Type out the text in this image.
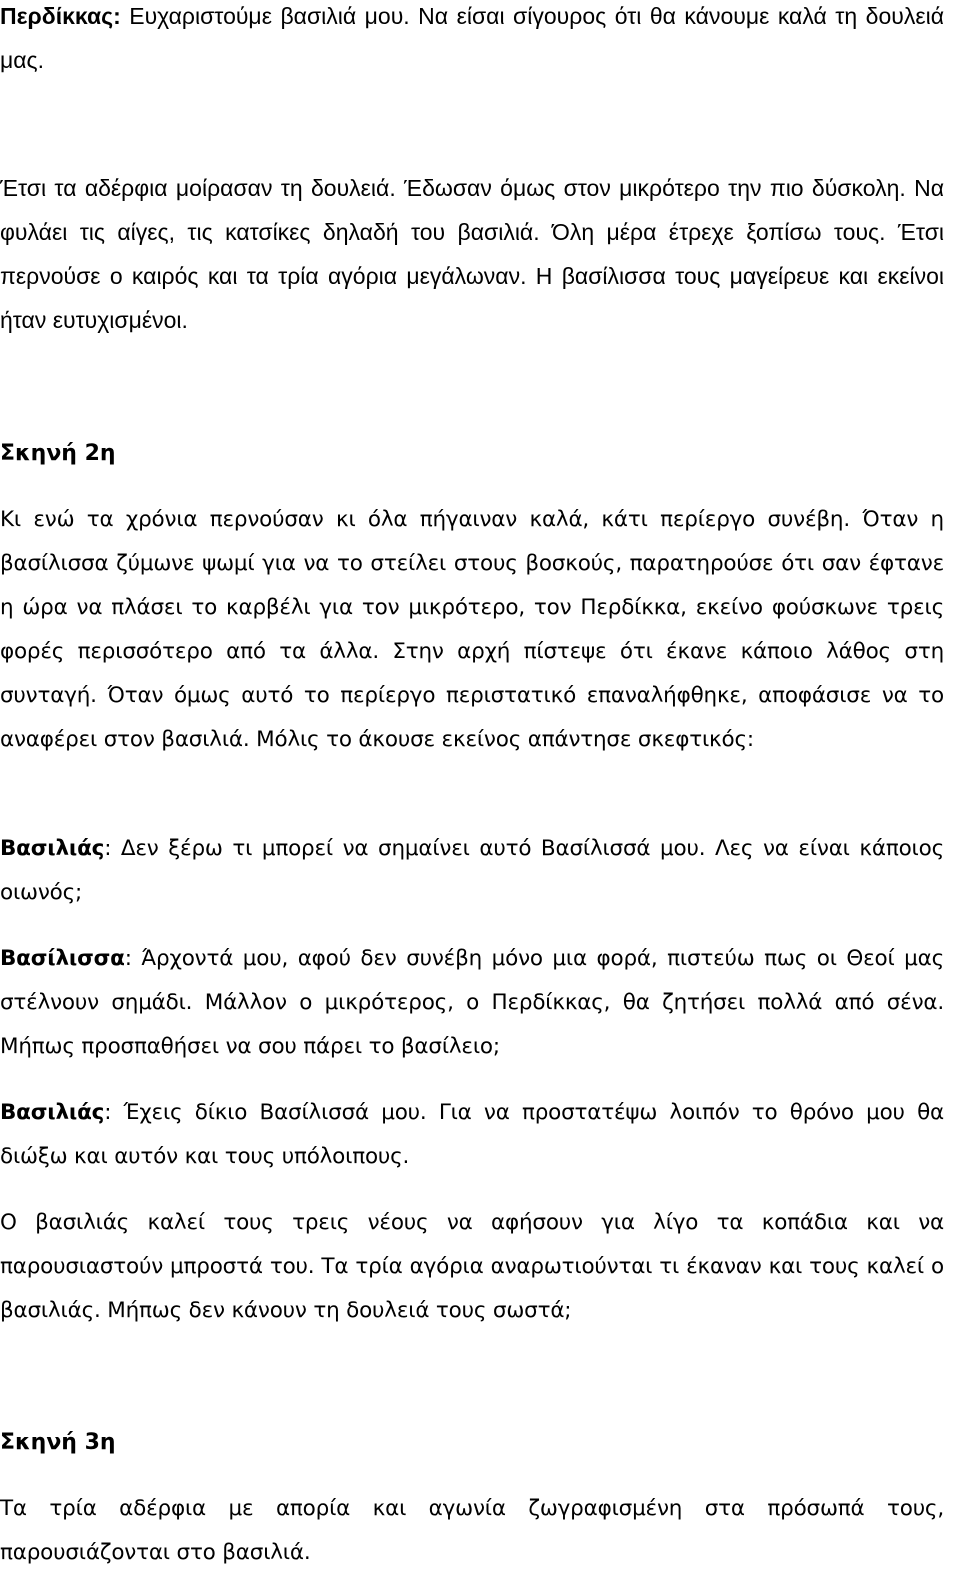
Περδίκκας: Ευχαριστούμε βασιλιά μου. Να είσαι σίγουρος ότι θα κάνουμε καλά τη δουλειά μας.

Έτσι τα αδέρφια μοίρασαν τη δουλειά. Έδωσαν όμως στον μικρότερο την πιο δύσκολη. Να φυλάει τις αίγες, τις κατσίκες δηλαδή του βασιλιά. Όλη μέρα έτρεχε ξοπίσω τους. Έτσι περνούσε ο καιρός και τα τρία αγόρια μεγάλωναν. Η βασίλισσα τους μαγείρευε και εκείνοι ήταν ευτυχισμένοι.

Σκηνή 2η

Κι ενώ τα χρόνια περνούσαν κι όλα πήγαιναν καλά, κάτι περίεργο συνέβη. Όταν η βασίλισσα ζύμωνε ψωμί για να το στείλει στους βοσκούς, παρατηρούσε ότι σαν έφτανε η ώρα να πλάσει το καρβέλι για τον μικρότερο, τον Περδίκκα, εκείνο φούσκωνε τρεις φορές περισσότερο από τα άλλα. Στην αρχή πίστεψε ότι έκανε κάποιο λάθος στη συνταγή. Όταν όμως αυτό το περίεργο περιστατικό επαναλήφθηκε, αποφάσισε να το αναφέρει στον βασιλιά. Μόλις το άκουσε εκείνος απάντησε σκεφτικός:

Βασιλιάς: Δεν ξέρω τι μπορεί να σημαίνει αυτό Βασίλισσά μου. Λες να είναι κάποιος οιωνός;

Βασίλισσα: Άρχοντά μου, αφού δεν συνέβη μόνο μια φορά, πιστεύω πως οι Θεοί μας στέλνουν σημάδι. Μάλλον ο μικρότερος, ο Περδίκκας, θα ζητήσει πολλά από σένα. Μήπως προσπαθήσει να σου πάρει το βασίλειο;

Βασιλιάς: Έχεις δίκιο Βασίλισσά μου. Για να προστατέψω λοιπόν το θρόνο μου θα διώξω και αυτόν και τους υπόλοιπους.

Ο βασιλιάς καλεί τους τρεις νέους να αφήσουν για λίγο τα κοπάδια και να παρουσιαστούν μπροστά του. Τα τρία αγόρια αναρωτιούνται τι έκαναν και τους καλεί ο βασιλιάς. Μήπως δεν κάνουν τη δουλειά τους σωστά;

Σκηνή 3η

Τα τρία αδέρφια με απορία και αγωνία ζωγραφισμένη στα πρόσωπά τους, παρουσιάζονται στο βασιλιά.
